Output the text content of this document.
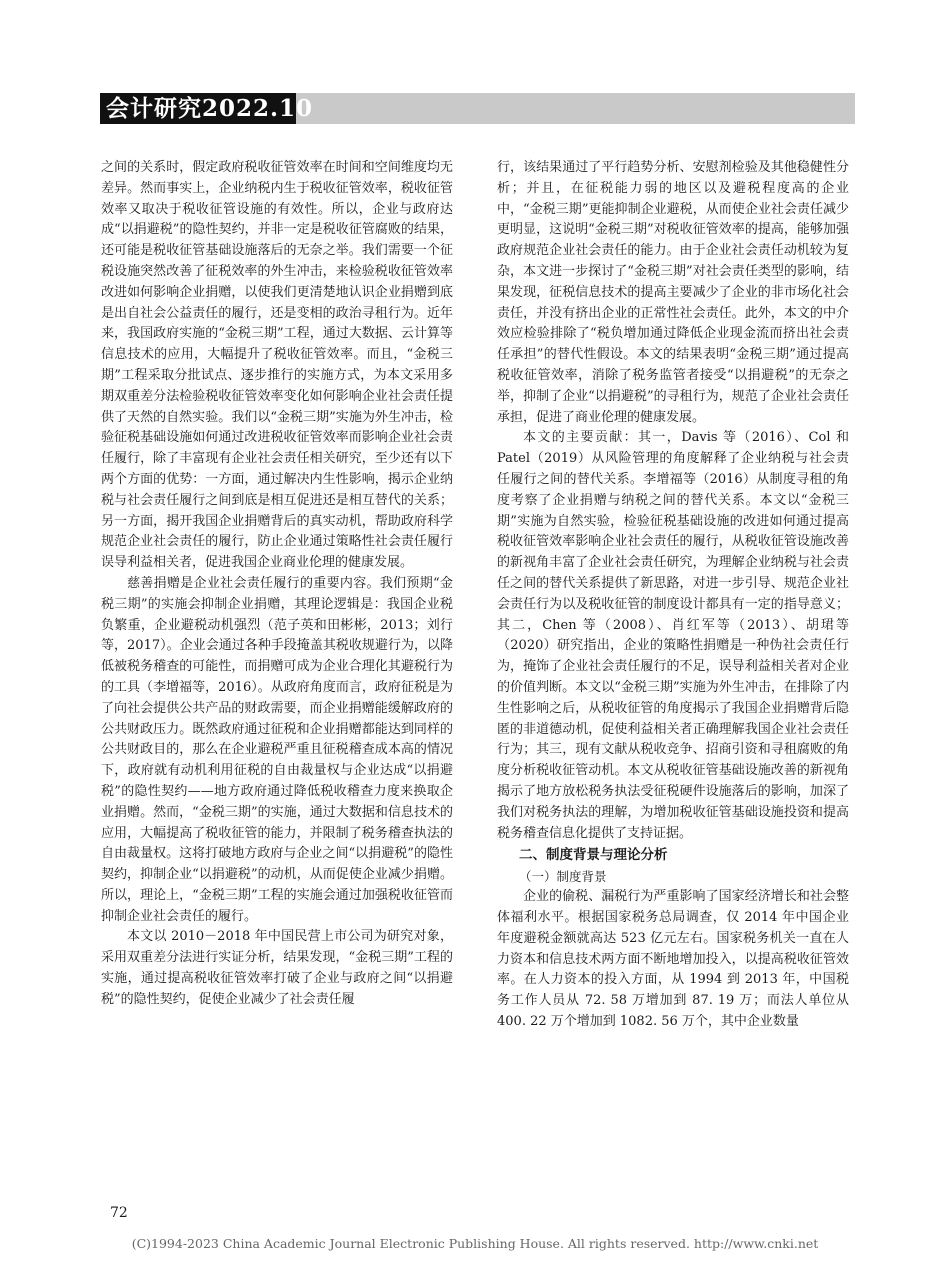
会计研究2022.10

之间的关系时，假定政府税收征管效率在时间和空间维度均无差异。然而事实上，企业纳税内生于税收征管效率，税收征管效率又取决于税收征管设施的有效性。所以，企业与政府达成“以捐避税”的隐性契约，并非一定是税收征管腐败的结果，还可能是税收征管基础设施落后的无奈之举。我们需要一个征税设施突然改善了征税效率的外生冲击，来检验税收征管效率改进如何影响企业捐赠，以使我们更清楚地认识企业捐赠到底是出自社会公益责任的履行，还是变相的政治寻租行为。近年来，我国政府实施的“金税三期”工程，通过大数据、云计算等信息技术的应用，大幅提升了税收征管效率。而且，“金税三期”工程采取分批试点、逐步推行的实施方式，为本文采用多期双重差分法检验税收征管效率变化如何影响企业社会责任提供了天然的自然实验。我们以“金税三期”实施为外生冲击，检验征税基础设施如何通过改进税收征管效率而影响企业社会责任履行，除了丰富现有企业社会责任相关研究，至少还有以下两个方面的优势：一方面，通过解决内生性影响，揭示企业纳税与社会责任履行之间到底是相互促进还是相互替代的关系；另一方面，揭开我国企业捐赠背后的真实动机，帮助政府科学规范企业社会责任的履行，防止企业通过策略性社会责任履行误导利益相关者，促进我国企业商业伦理的健康发展。

慈善捐赠是企业社会责任履行的重要内容。我们预期“金税三期”的实施会抑制企业捐赠，其理论逻辑是：我国企业税负繁重，企业避税动机强烈（范子英和田彬彬，2013；刘行等，2017）。企业会通过各种手段掩盖其税收规避行为，以降低被税务稽查的可能性，而捐赠可成为企业合理化其避税行为的工具（李增福等，2016）。从政府角度而言，政府征税是为了向社会提供公共产品的财政需要，而企业捐赠能缓解政府的公共财政压力。既然政府通过征税和企业捐赠都能达到同样的公共财政目的，那么在企业避税严重且征税稽查成本高的情况下，政府就有动机利用征税的自由裁量权与企业达成“以捐避税”的隐性契约——地方政府通过降低税收稽查力度来换取企业捐赠。然而，“金税三期”的实施，通过大数据和信息技术的应用，大幅提高了税收征管的能力，并限制了税务稽查执法的自由裁量权。这将打破地方政府与企业之间“以捐避税”的隐性契约，抑制企业“以捐避税”的动机，从而促使企业减少捐赠。所以，理论上，“金税三期”工程的实施会通过加强税收征管而抑制企业社会责任的履行。

本文以 2010－2018 年中国民营上市公司为研究对象，采用双重差分法进行实证分析，结果发现，“金税三期”工程的实施，通过提高税收征管效率打破了企业与政府之间“以捐避税”的隐性契约，促使企业减少了社会责任履

行，该结果通过了平行趋势分析、安慰剂检验及其他稳健性分析；并且，在征税能力弱的地区以及避税程度高的企业中，“金税三期”更能抑制企业避税，从而使企业社会责任减少更明显，这说明“金税三期”对税收征管效率的提高，能够加强政府规范企业社会责任的能力。由于企业社会责任动机较为复杂，本文进一步探讨了“金税三期”对社会责任类型的影响，结果发现，征税信息技术的提高主要减少了企业的非市场化社会责任，并没有挤出企业的正常性社会责任。此外，本文的中介效应检验排除了“税负增加通过降低企业现金流而挤出社会责任承担”的替代性假设。本文的结果表明“金税三期”通过提高税收征管效率，消除了税务监管者接受“以捐避税”的无奈之举，抑制了企业“以捐避税”的寻租行为，规范了企业社会责任承担，促进了商业伦理的健康发展。

本文的主要贡献：其一，Davis 等（2016）、Col 和 Patel（2019）从风险管理的角度解释了企业纳税与社会责任履行之间的替代关系。李增福等（2016）从制度寻租的角度考察了企业捐赠与纳税之间的替代关系。本文以“金税三期”实施为自然实验，检验征税基础设施的改进如何通过提高税收征管效率影响企业社会责任的履行，从税收征管设施改善的新视角丰富了企业社会责任研究，为理解企业纳税与社会责任之间的替代关系提供了新思路，对进一步引导、规范企业社会责任行为以及税收征管的制度设计都具有一定的指导意义；其二，Chen 等（2008）、肖红军等（2013）、胡珺等（2020）研究指出，企业的策略性捐赠是一种伪社会责任行为，掩饰了企业社会责任履行的不足，误导利益相关者对企业的价值判断。本文以“金税三期”实施为外生冲击，在排除了内生性影响之后，从税收征管的角度揭示了我国企业捐赠背后隐匿的非道德动机，促使利益相关者正确理解我国企业社会责任行为；其三，现有文献从税收竞争、招商引资和寻租腐败的角度分析税收征管动机。本文从税收征管基础设施改善的新视角揭示了地方放松税务执法受征税硬件设施落后的影响，加深了我们对税务执法的理解，为增加税收征管基础设施投资和提高税务稽查信息化提供了支持证据。

二、制度背景与理论分析

（一）制度背景

企业的偷税、漏税行为严重影响了国家经济增长和社会整体福利水平。根据国家税务总局调查，仅 2014 年中国企业年度避税金额就高达 523 亿元左右。国家税务机关一直在人力资本和信息技术两方面不断地增加投入，以提高税收征管效率。在人力资本的投入方面，从 1994 到 2013 年，中国税务工作人员从 72. 58 万增加到 87. 19 万；而法人单位从 400. 22 万个增加到 1082. 56 万个，其中企业数量

72
(C)1994-2023 China Academic Journal Electronic Publishing House. All rights reserved. http://www.cnki.net
